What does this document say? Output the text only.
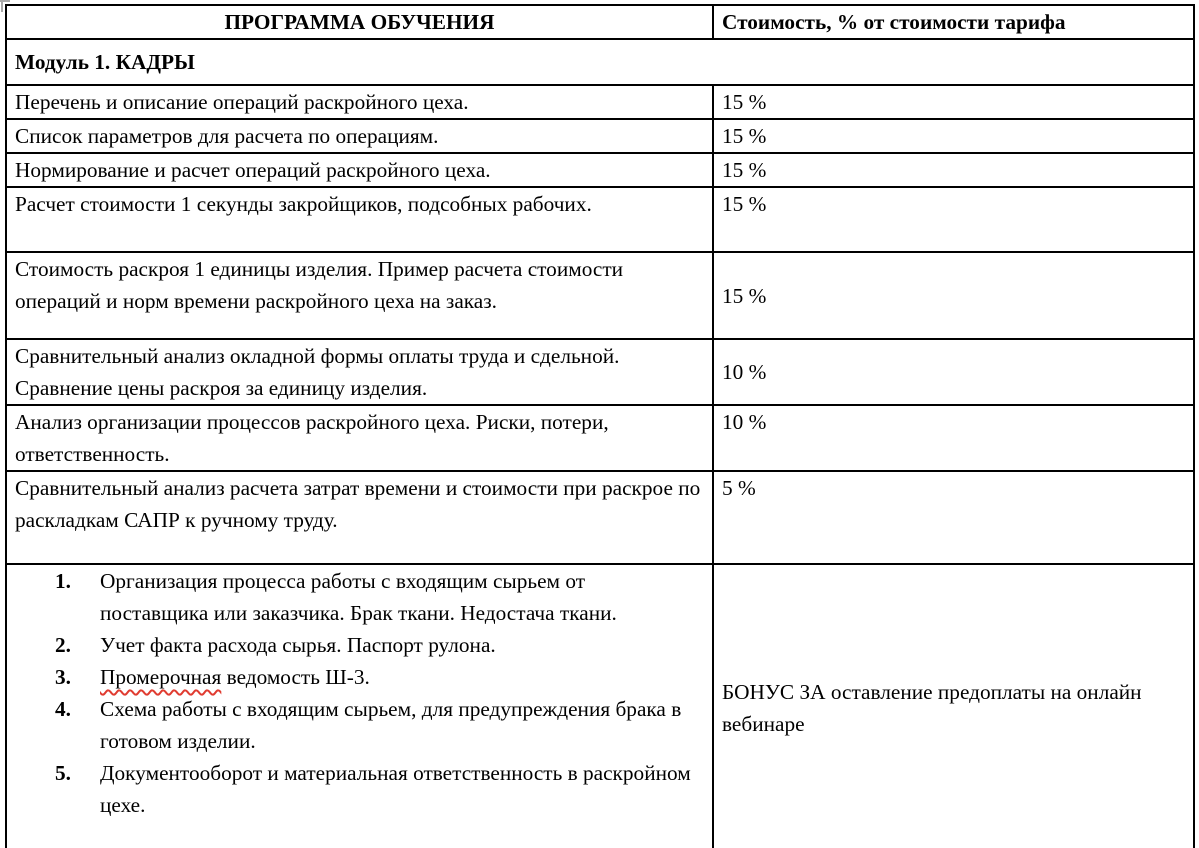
ПРОГРАММА ОБУЧЕНИЯ	Стоимость, % от стоимости тарифа
Модуль 1. КАДРЫ	
Перечень и описание операций раскройного цеха.	15 %
Список параметров для расчета по операциям.	15 %
Нормирование и расчет операций раскройного цеха.	15 %
Расчет стоимости 1 секунды закройщиков, подсобных рабочих.	15 %
Стоимость раскроя 1 единицы изделия. Пример расчета стоимости операций и норм времени раскройного цеха на заказ.	15 %
Сравнительный анализ окладной формы оплаты труда и сдельной. Сравнение цены раскроя за единицу изделия.	10 %
Анализ организации процессов раскройного цеха. Риски, потери, ответственность.	10 %
Сравнительный анализ расчета затрат времени и стоимости при раскрое по раскладкам САПР к ручному труду.	5 %

1.	Организация процесса работы с входящим сырьем от поставщика или заказчика. Брак ткани. Недостача ткани.
2.	Учет факта расхода сырья. Паспорт рулона.
3.	Промерочная ведомость Ш-3.
4.	Схема работы с входящим сырьем, для предупреждения брака в готовом изделии.
5.	Документооборот и материальная ответственность в раскройном цехе.
	БОНУС ЗА оставление предоплаты на онлайн вебинаре
